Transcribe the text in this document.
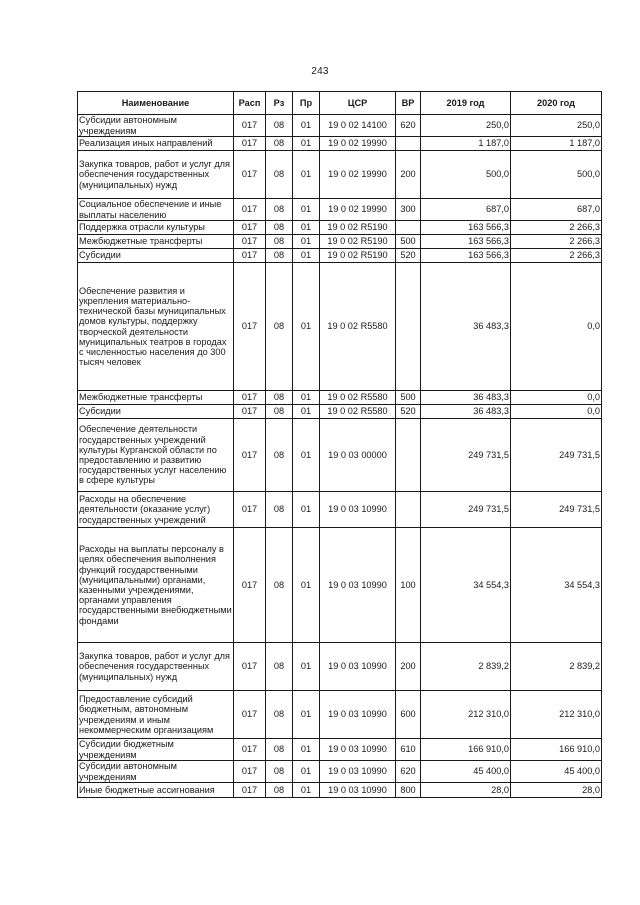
243
Наименование	Расп	Рз	Пр	ЦСР	ВР	2019 год	2020 год
Субсидии автономным учреждениям	017	08	01	19 0 02 14100	620	250,0	250,0
Реализация иных направлений	017	08	01	19 0 02 19990		1 187,0	1 187,0
Закупка товаров, работ и услуг для обеспечения государственных (муниципальных) нужд	017	08	01	19 0 02 19990	200	500,0	500,0
Социальное обеспечение и иные выплаты населению	017	08	01	19 0 02 19990	300	687,0	687,0
Поддержка отрасли культуры	017	08	01	19 0 02 R5190		163 566,3	2 266,3
Межбюджетные трансферты	017	08	01	19 0 02 R5190	500	163 566,3	2 266,3
Субсидии	017	08	01	19 0 02 R5190	520	163 566,3	2 266,3
Обеспечение развития и укрепления материально-технической базы муниципальных домов культуры, поддержку творческой деятельности муниципальных театров в городах с численностью населения до 300 тысяч человек	017	08	01	19 0 02 R5580		36 483,3	0,0
Межбюджетные трансферты	017	08	01	19 0 02 R5580	500	36 483,3	0,0
Субсидии	017	08	01	19 0 02 R5580	520	36 483,3	0,0
Обеспечение деятельности государственных учреждений культуры Курганской области по предоставлению и развитию государственных услуг населению в сфере культуры	017	08	01	19 0 03 00000		249 731,5	249 731,5
Расходы на обеспечение деятельности (оказание услуг) государственных учреждений	017	08	01	19 0 03 10990		249 731,5	249 731,5
Расходы на выплаты персоналу в целях обеспечения выполнения функций государственными (муниципальными) органами, казенными учреждениями, органами управления государственными внебюджетными фондами	017	08	01	19 0 03 10990	100	34 554,3	34 554,3
Закупка товаров, работ и услуг для обеспечения государственных (муниципальных) нужд	017	08	01	19 0 03 10990	200	2 839,2	2 839,2
Предоставление субсидий бюджетным, автономным учреждениям и иным некоммерческим организациям	017	08	01	19 0 03 10990	600	212 310,0	212 310,0
Субсидии бюджетным учреждениям	017	08	01	19 0 03 10990	610	166 910,0	166 910,0
Субсидии автономным учреждениям	017	08	01	19 0 03 10990	620	45 400,0	45 400,0
Иные бюджетные ассигнования	017	08	01	19 0 03 10990	800	28,0	28,0
